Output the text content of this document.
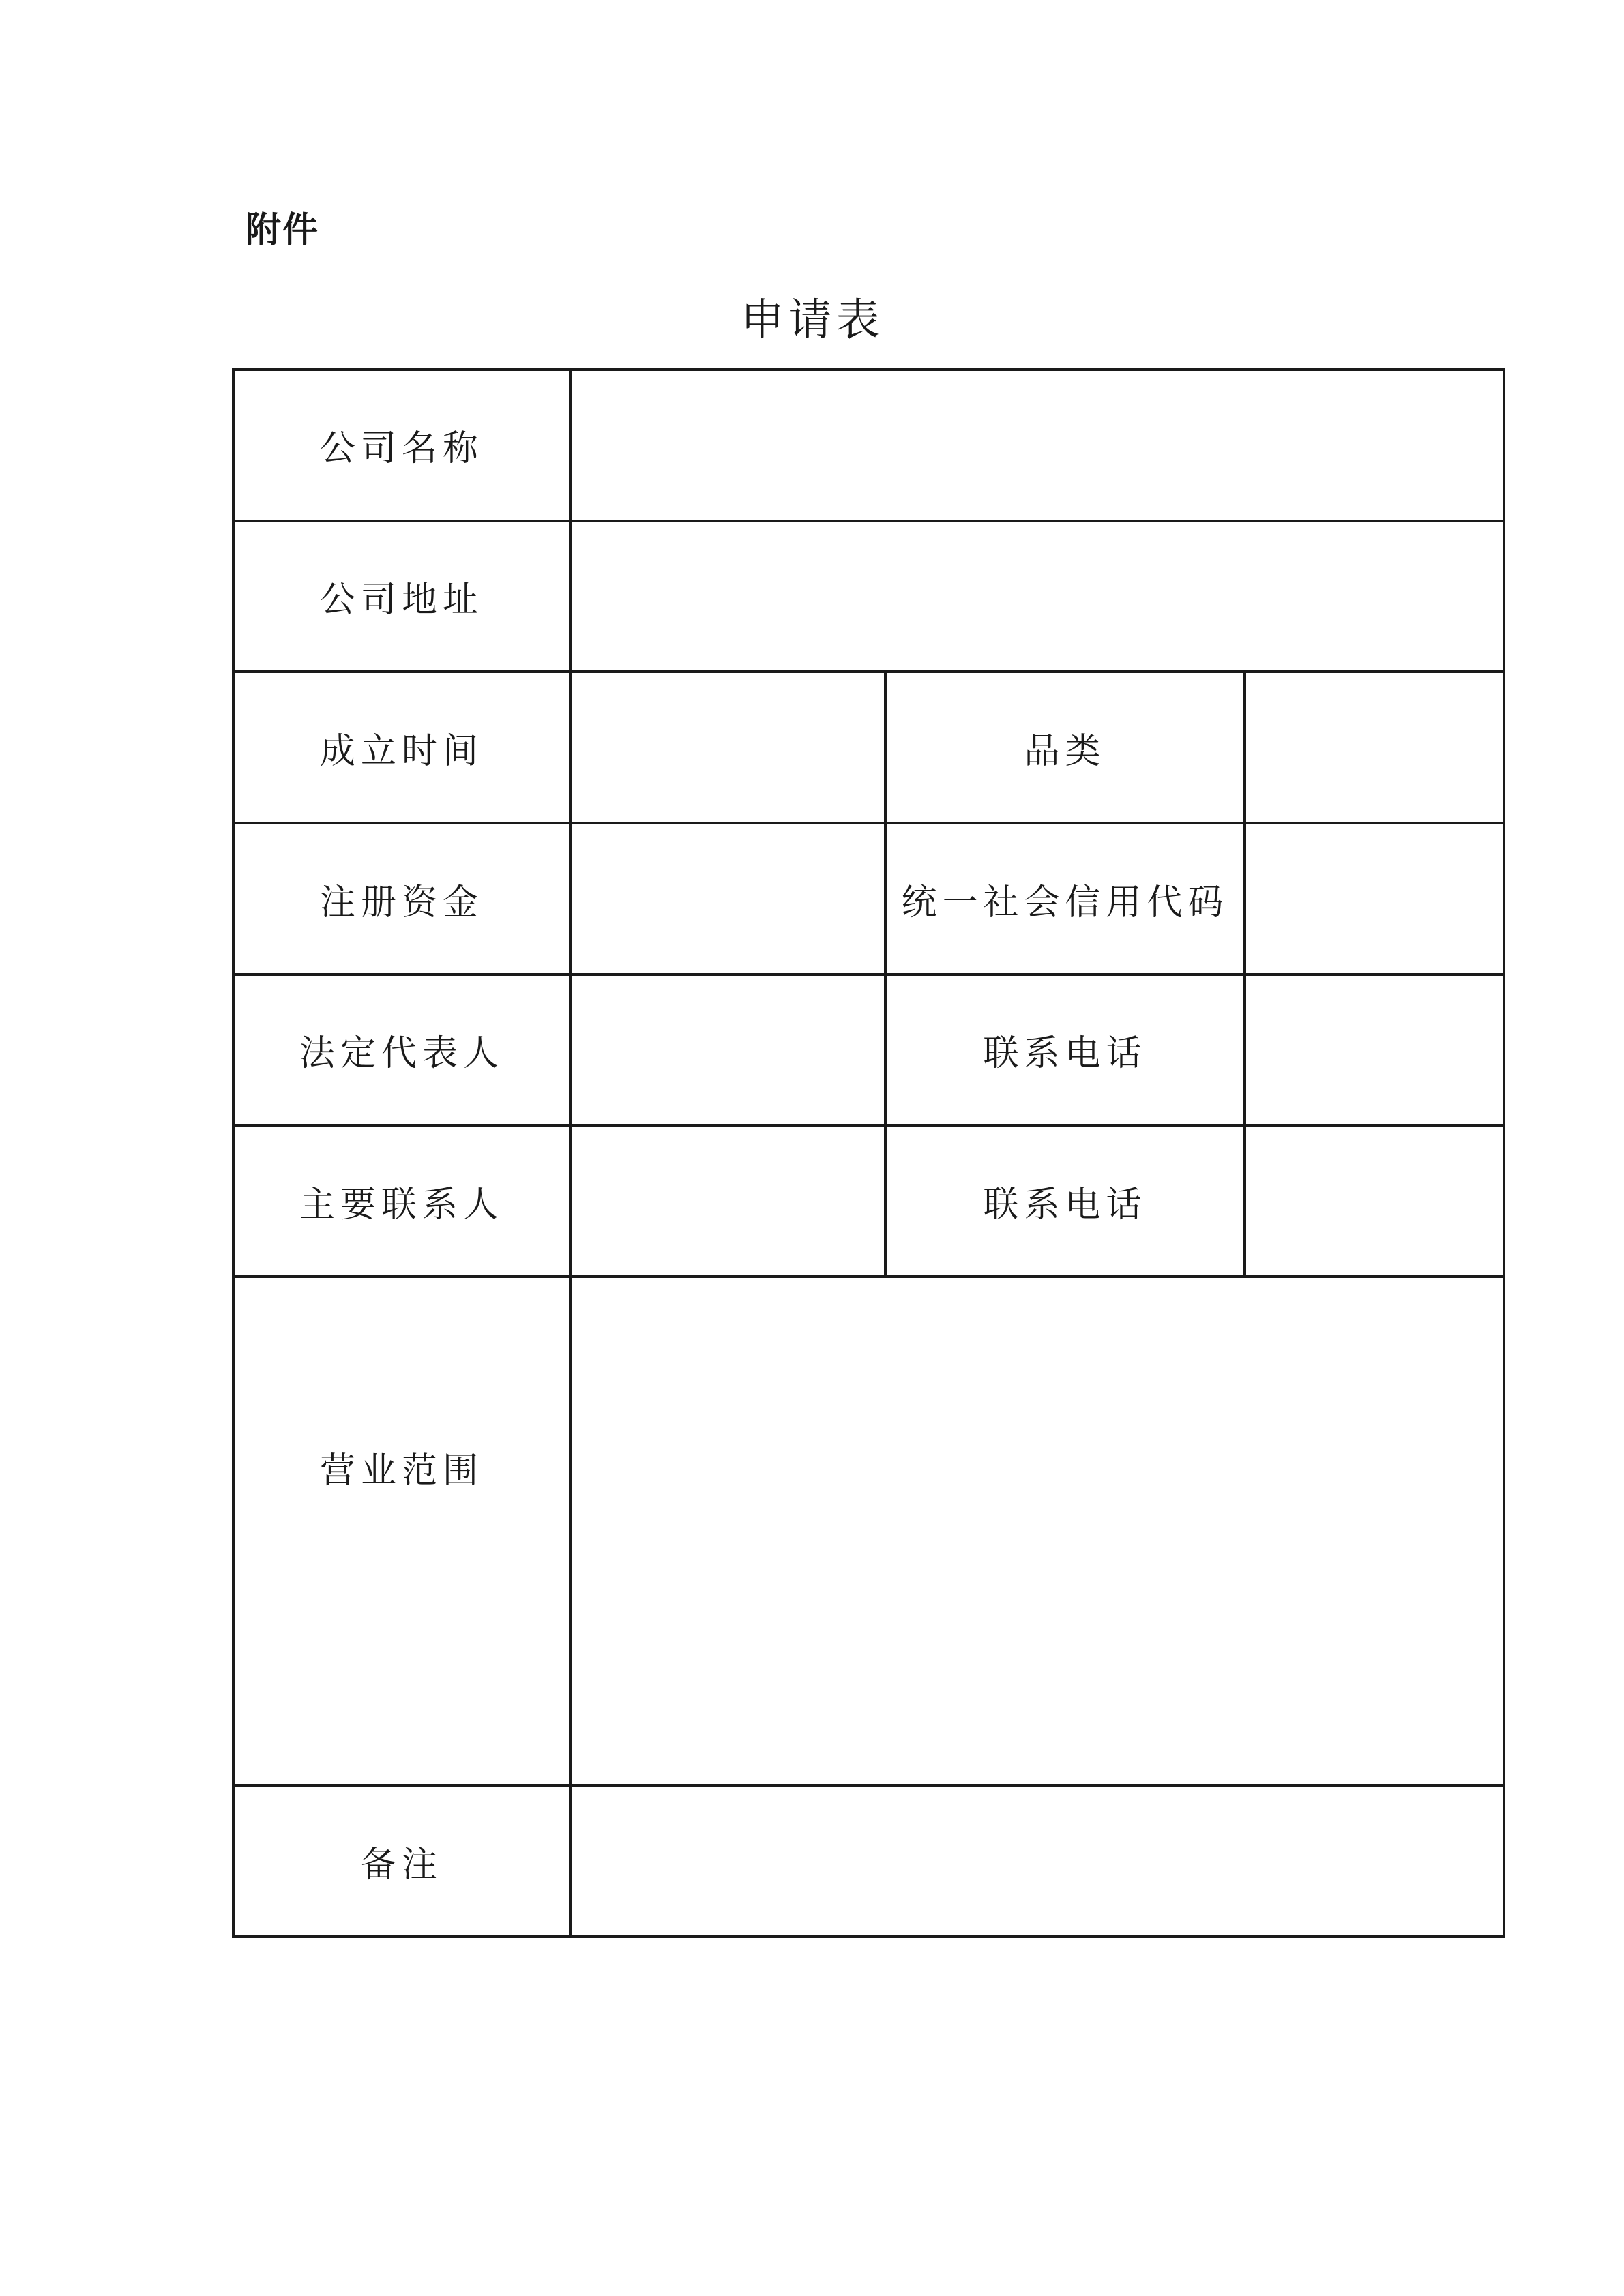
附件
申请表
公司名称			
公司地址			
成立时间		品类	
注册资金		统一社会信用代码	
法定代表人		联系电话	
主要联系人		联系电话	
营业范围			
备注			
